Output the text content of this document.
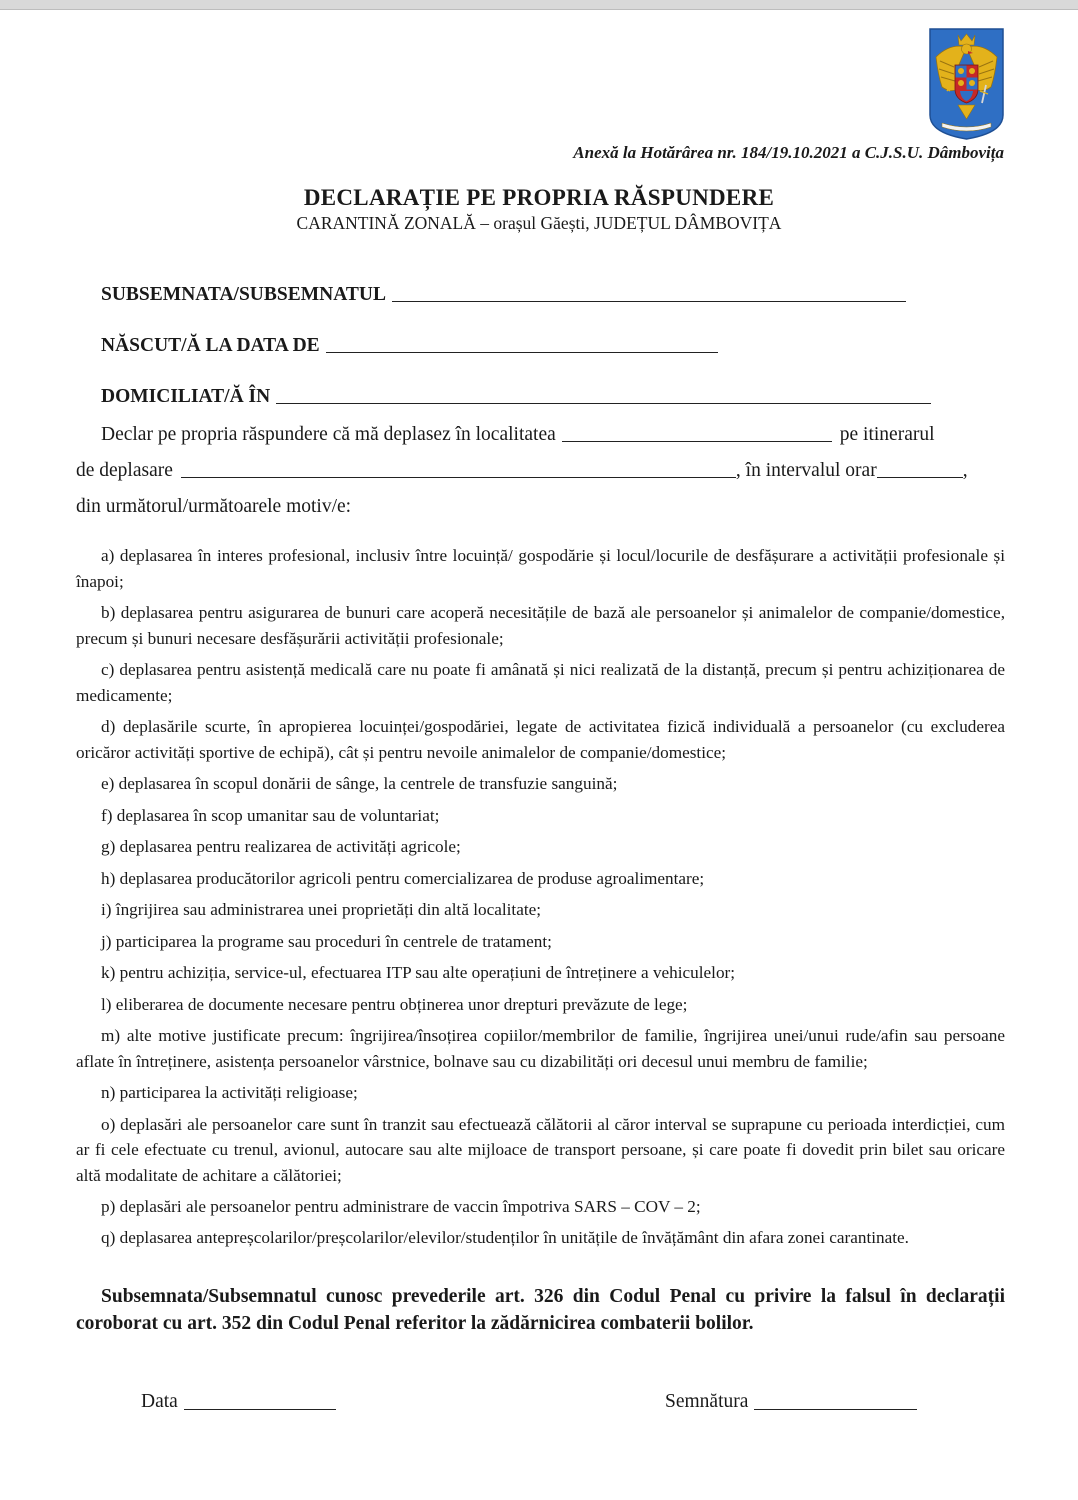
Anexă la Hotărârea nr. 184/19.10.2021 a C.J.S.U. Dâmbovița
DECLARAȚIE PE PROPRIA RĂSPUNDERE
CARANTINĂ ZONALĂ – orașul Găești, JUDEȚUL DÂMBOVIȚA
SUBSEMNATA/SUBSEMNATUL
NĂSCUT/Ă LA DATA DE
DOMICILIAT/Ă ÎN
Declar pe propria răspundere că mă deplasez în localitatea	pe itinerarul
de deplasare	, în intervalul orar	,
din următorul/următoarele motiv/e:

a) deplasarea în interes profesional, inclusiv între locuință/ gospodărie și locul/locurile de desfășurare a activității profesionale și înapoi;

b) deplasarea pentru asigurarea de bunuri care acoperă necesitățile de bază ale persoanelor și animalelor de companie/domestice, precum și bunuri necesare desfășurării activității profesionale;

c) deplasarea pentru asistență medicală care nu poate fi amânată și nici realizată de la distanță, precum și pentru achiziționarea de medicamente;

d) deplasările scurte, în apropierea locuinței/gospodăriei, legate de activitatea fizică individuală a persoanelor (cu excluderea oricăror activități sportive de echipă), cât și pentru nevoile animalelor de companie/domestice;

e) deplasarea în scopul donării de sânge, la centrele de transfuzie sanguină;

f) deplasarea în scop umanitar sau de voluntariat;

g) deplasarea pentru realizarea de activități agricole;

h) deplasarea producătorilor agricoli pentru comercializarea de produse agroalimentare;

i) îngrijirea sau administrarea unei proprietăți din altă localitate;

j) participarea la programe sau proceduri în centrele de tratament;

k) pentru achiziția, service-ul, efectuarea ITP sau alte operațiuni de întreținere a vehiculelor;

l) eliberarea de documente necesare pentru obținerea unor drepturi prevăzute de lege;

m) alte motive justificate precum: îngrijirea/însoțirea copiilor/membrilor de familie, îngrijirea unei/unui rude/afin sau persoane aflate în întreținere, asistența persoanelor vârstnice, bolnave sau cu dizabilități ori decesul unui membru de familie;

n) participarea la activități religioase;

o) deplasări ale persoanelor care sunt în tranzit sau efectuează călătorii al căror interval se suprapune cu perioada interdicției, cum ar fi cele efectuate cu trenul, avionul, autocare sau alte mijloace de transport persoane, și care poate fi dovedit prin bilet sau oricare altă modalitate de achitare a călătoriei;

p) deplasări ale persoanelor pentru administrare de vaccin împotriva SARS – COV – 2;

q) deplasarea antepreșcolarilor/preșcolarilor/elevilor/studenților în unitățile de învățământ din afara zonei carantinate.

Subsemnata/Subsemnatul cunosc prevederile art. 326 din Codul Penal cu privire la falsul în declarații coroborat cu art. 352 din Codul Penal referitor la zădărnicirea combaterii bolilor.
Data	Semnătura
